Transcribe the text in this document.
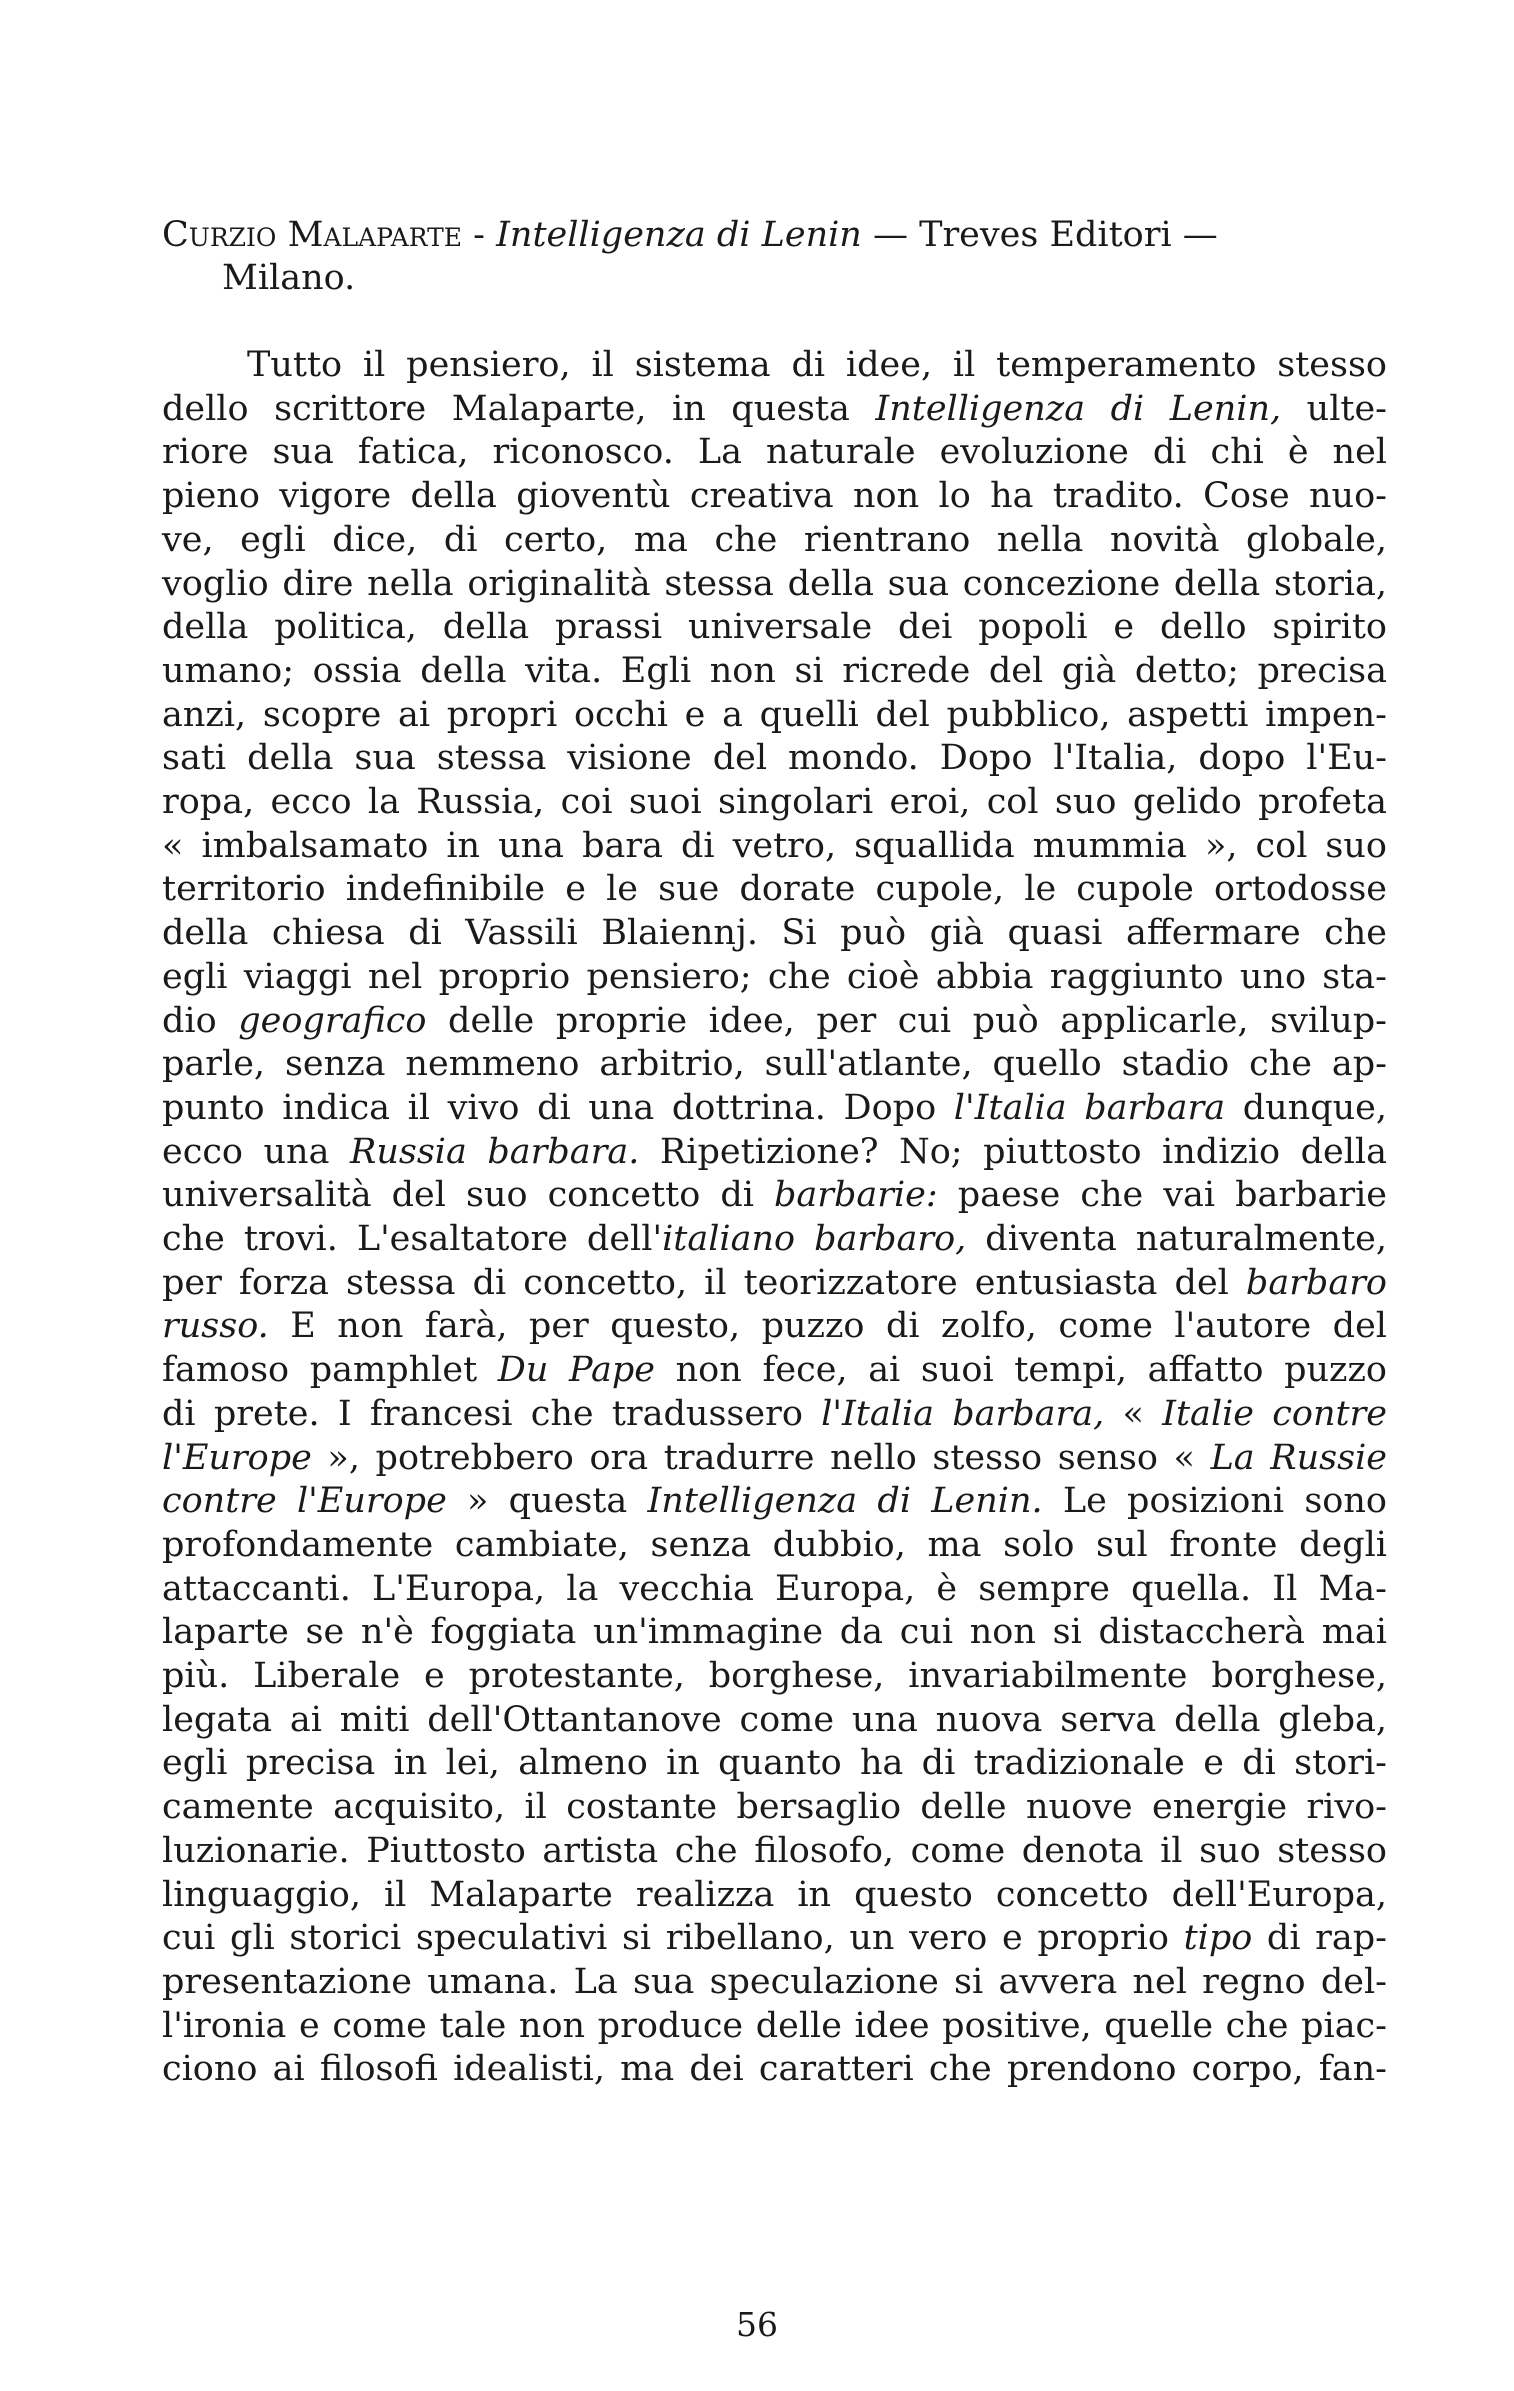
Curzio Malaparte - Intelligenza di Lenin — Treves Editori —
Milano.
Tutto il pensiero, il sistema di idee, il temperamento stesso
dello scrittore Malaparte, in questa Intelligenza di Lenin, ulte-
riore sua fatica, riconosco. La naturale evoluzione di chi è nel
pieno vigore della gioventù creativa non lo ha tradito. Cose nuo-
ve, egli dice, di certo, ma che rientrano nella novità globale,
voglio dire nella originalità stessa della sua concezione della storia,
della politica, della prassi universale dei popoli e dello spirito
umano; ossia della vita. Egli non si ricrede del già detto; precisa
anzi, scopre ai propri occhi e a quelli del pubblico, aspetti impen-
sati della sua stessa visione del mondo. Dopo l'Italia, dopo l'Eu-
ropa, ecco la Russia, coi suoi singolari eroi, col suo gelido profeta
« imbalsamato in una bara di vetro, squallida mummia », col suo
territorio indefinibile e le sue dorate cupole, le cupole ortodosse
della chiesa di Vassili Blaiennj. Si può già quasi affermare che
egli viaggi nel proprio pensiero; che cioè abbia raggiunto uno sta-
dio geografico delle proprie idee, per cui può applicarle, svilup-
parle, senza nemmeno arbitrio, sull'atlante, quello stadio che ap-
punto indica il vivo di una dottrina. Dopo l'Italia barbara dunque,
ecco una Russia barbara. Ripetizione? No; piuttosto indizio della
universalità del suo concetto di barbarie: paese che vai barbarie
che trovi. L'esaltatore dell'italiano barbaro, diventa naturalmente,
per forza stessa di concetto, il teorizzatore entusiasta del barbaro
russo. E non farà, per questo, puzzo di zolfo, come l'autore del
famoso pamphlet Du Pape non fece, ai suoi tempi, affatto puzzo
di prete. I francesi che tradussero l'Italia barbara, « Italie contre
l'Europe », potrebbero ora tradurre nello stesso senso « La Russie
contre l'Europe » questa Intelligenza di Lenin. Le posizioni sono
profondamente cambiate, senza dubbio, ma solo sul fronte degli
attaccanti. L'Europa, la vecchia Europa, è sempre quella. Il Ma-
laparte se n'è foggiata un'immagine da cui non si distaccherà mai
più. Liberale e protestante, borghese, invariabilmente borghese,
legata ai miti dell'Ottantanove come una nuova serva della gleba,
egli precisa in lei, almeno in quanto ha di tradizionale e di stori-
camente acquisito, il costante bersaglio delle nuove energie rivo-
luzionarie. Piuttosto artista che filosofo, come denota il suo stesso
linguaggio, il Malaparte realizza in questo concetto dell'Europa,
cui gli storici speculativi si ribellano, un vero e proprio tipo di rap-
presentazione umana. La sua speculazione si avvera nel regno del-
l'ironia e come tale non produce delle idee positive, quelle che piac-
ciono ai filosofi idealisti, ma dei caratteri che prendono corpo, fan-
56
